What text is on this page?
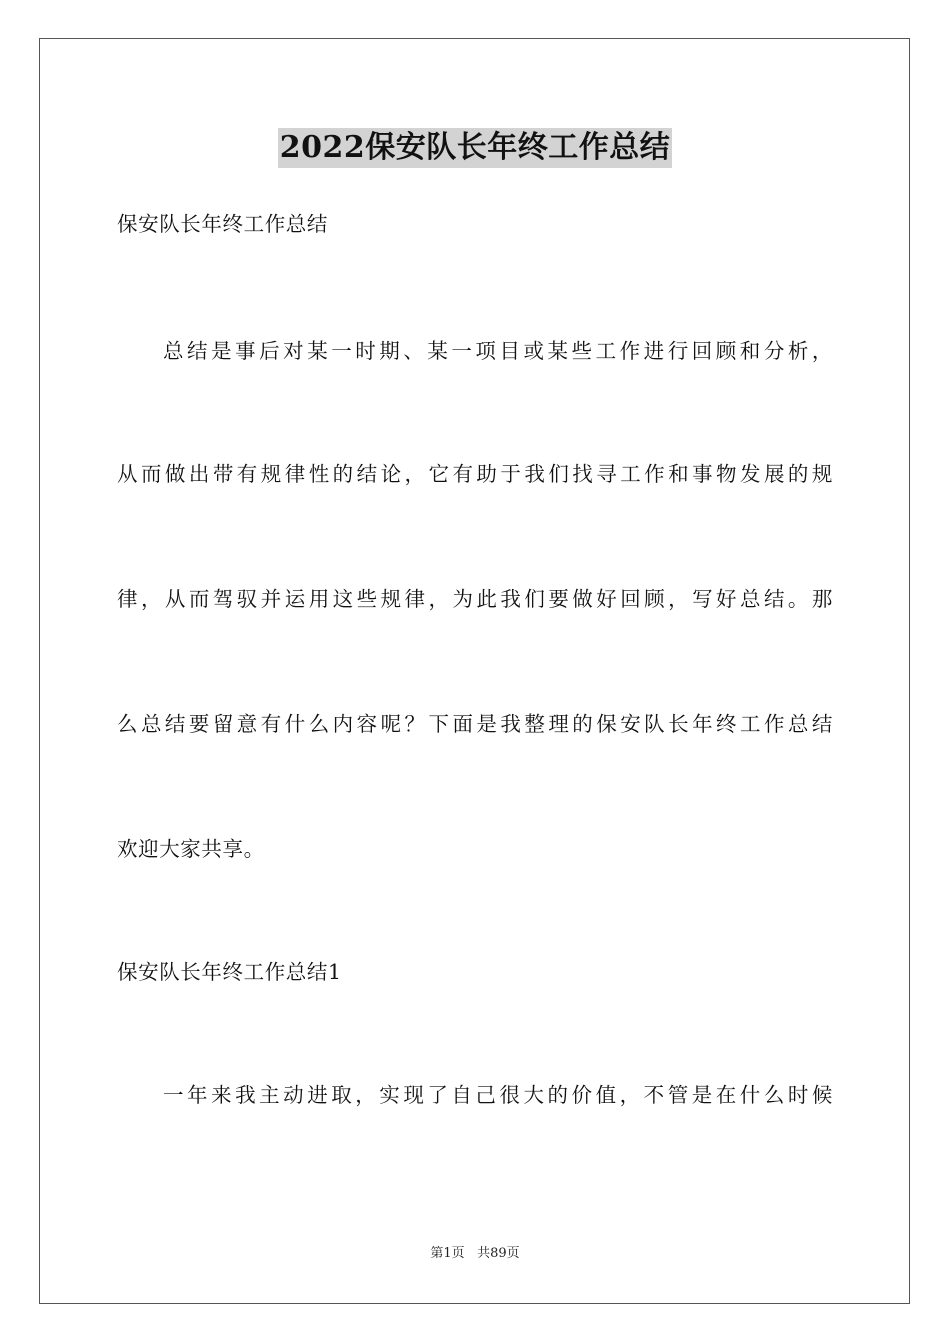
2022保安队长年终工作总结
保安队长年终工作总结
总结是事后对某一时期、某一项目或某些工作进行回顾和分析，
从而做出带有规律性的结论，它有助于我们找寻工作和事物发展的规
律，从而驾驭并运用这些规律，为此我们要做好回顾，写好总结。那
么总结要留意有什么内容呢？下面是我整理的保安队长年终工作总结
欢迎大家共享。
保安队长年终工作总结1
一年来我主动进取，实现了自己很大的价值，不管是在什么时候
第1页 共89页
